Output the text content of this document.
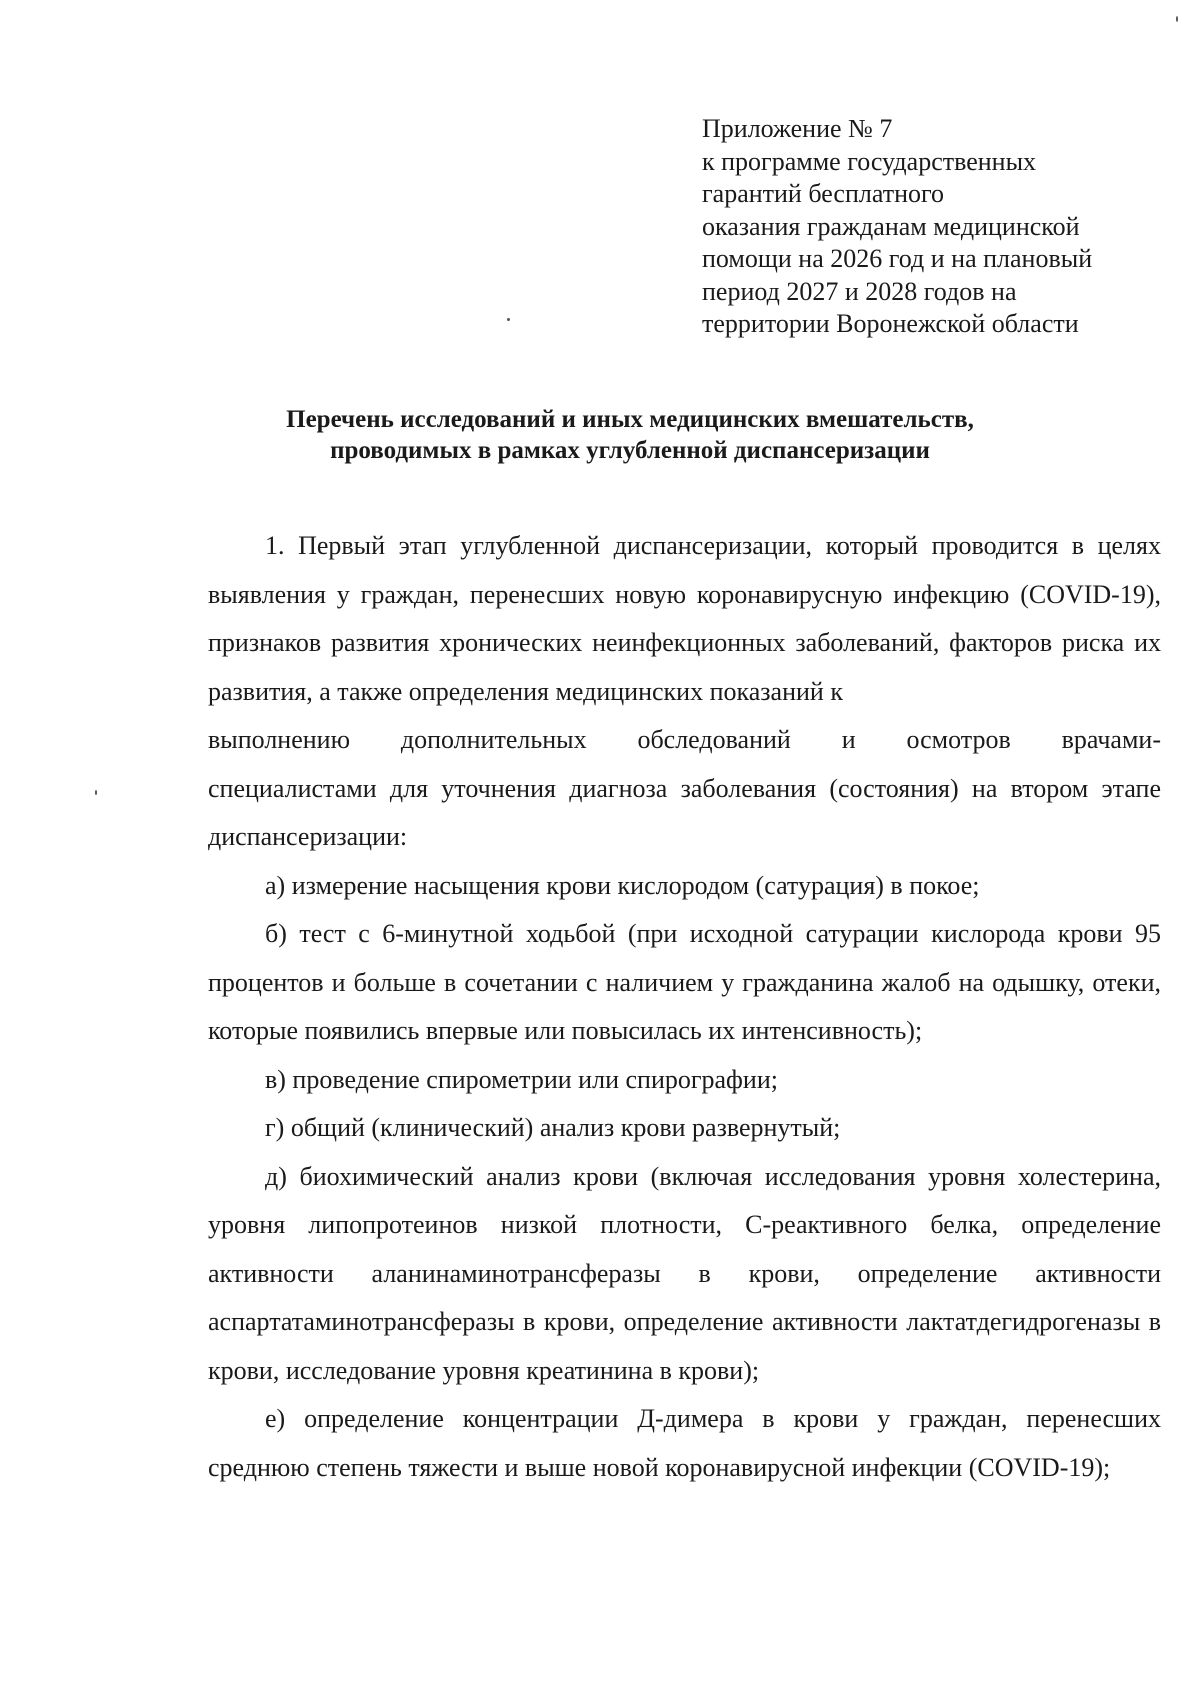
Приложение № 7
к программе государственных
гарантий бесплатного
оказания гражданам медицинской
помощи на 2026 год и на плановый
период 2027 и 2028 годов на
территории Воронежской области
Перечень исследований и иных медицинских вмешательств,
проводимых в рамках углубленной диспансеризации

1. Первый этап углубленной диспансеризации, который проводится в целях выявления у граждан, перенесших новую коронавирусную инфекцию (COVID-19), признаков развития хронических неинфекционных заболеваний, факторов риска их развития, а также определения медицинских показаний к

выполнению дополнительных обследований и осмотров врачами-

специалистами для уточнения диагноза заболевания (состояния) на втором этапе диспансеризации:

а) измерение насыщения крови кислородом (сатурация) в покое;

б) тест с 6-минутной ходьбой (при исходной сатурации кислорода крови 95 процентов и больше в сочетании с наличием у гражданина жалоб на одышку, отеки, которые появились впервые или повысилась их интенсивность);

в) проведение спирометрии или спирографии;

г) общий (клинический) анализ крови развернутый;

д) биохимический анализ крови (включая исследования уровня холестерина, уровня липопротеинов низкой плотности, С-реактивного белка, определение активности аланинаминотрансферазы в крови, определение активности аспартатаминотрансферазы в крови, определение активности лактатдегидрогеназы в крови, исследование уровня креатинина в крови);

е) определение концентрации Д-димера в крови у граждан, перенесших среднюю степень тяжести и выше новой коронавирусной инфекции (COVID-19);
